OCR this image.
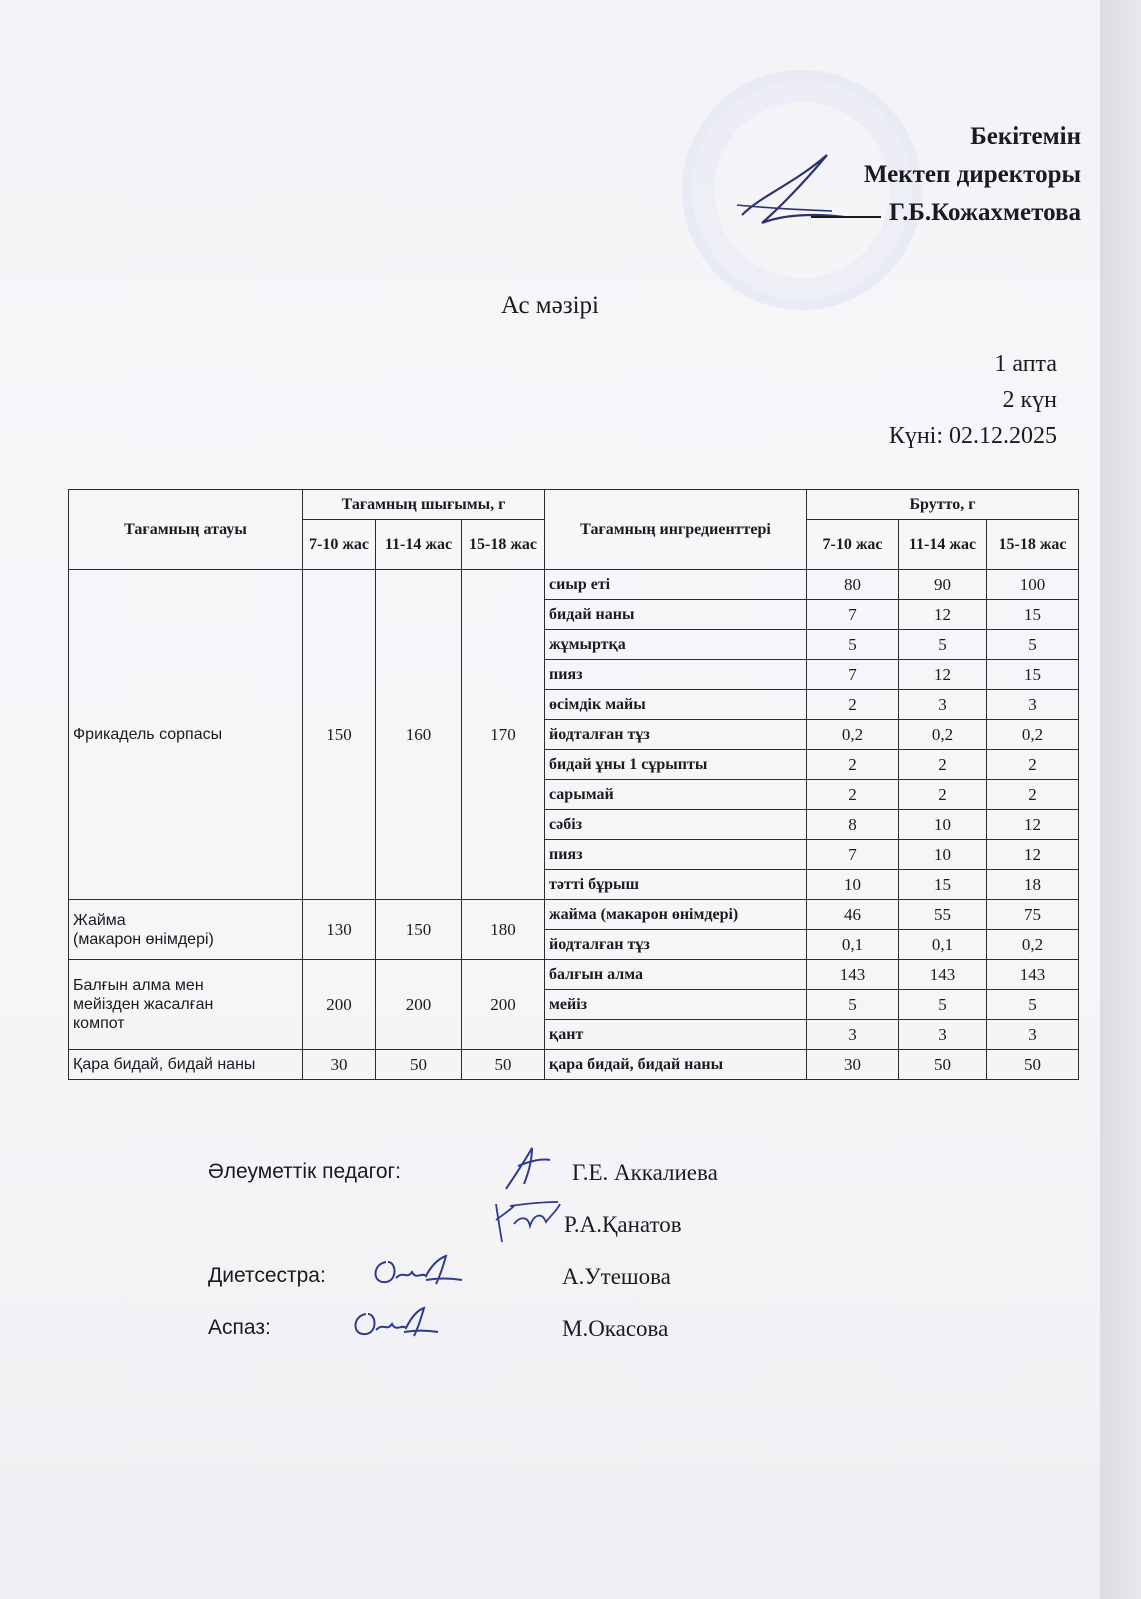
Бекітемін
Мектеп директоры
Г.Б.Кожахметова
Ас мәзірі
1 апта
2 күн
Күні: 02.12.2025
Тағамның атауы	Тағамның шығымы, г			Тағамның ингредиенттері	Брутто, г		
	7-10 жас	11-14 жас	15-18 жас		7-10 жас	11-14 жас	15-18 жас
Фрикадель сорпасы	150	160	170	сиыр еті	80	90	100
				бидай наны	7	12	15
				жұмыртқа	5	5	5
				пияз	7	12	15
				өсімдік майы	2	3	3
				йодталған тұз	0,2	0,2	0,2
				бидай ұны 1 сұрыпты	2	2	2
				сарымай	2	2	2
				сәбіз	8	10	12
				пияз	7	10	12
				тәтті бұрыш	10	15	18
Жайма
(макарон өнімдері)	130	150	180	жайма (макарон өнімдері)	46	55	75
				йодталған тұз	0,1	0,1	0,2
Балғын алма мен
мейізден жасалған
компот	200	200	200	балғын алма	143	143	143
				мейіз	5	5	5
				қант	3	3	3
Қара бидай, бидай наны	30	50	50	қара бидай, бидай наны	30	50	50
Әлеуметтік педагог:	Г.Е. Аккалиева
Р.А.Қанатов
Диетсестра:	А.Утешова
Аспаз:	М.Окасова
